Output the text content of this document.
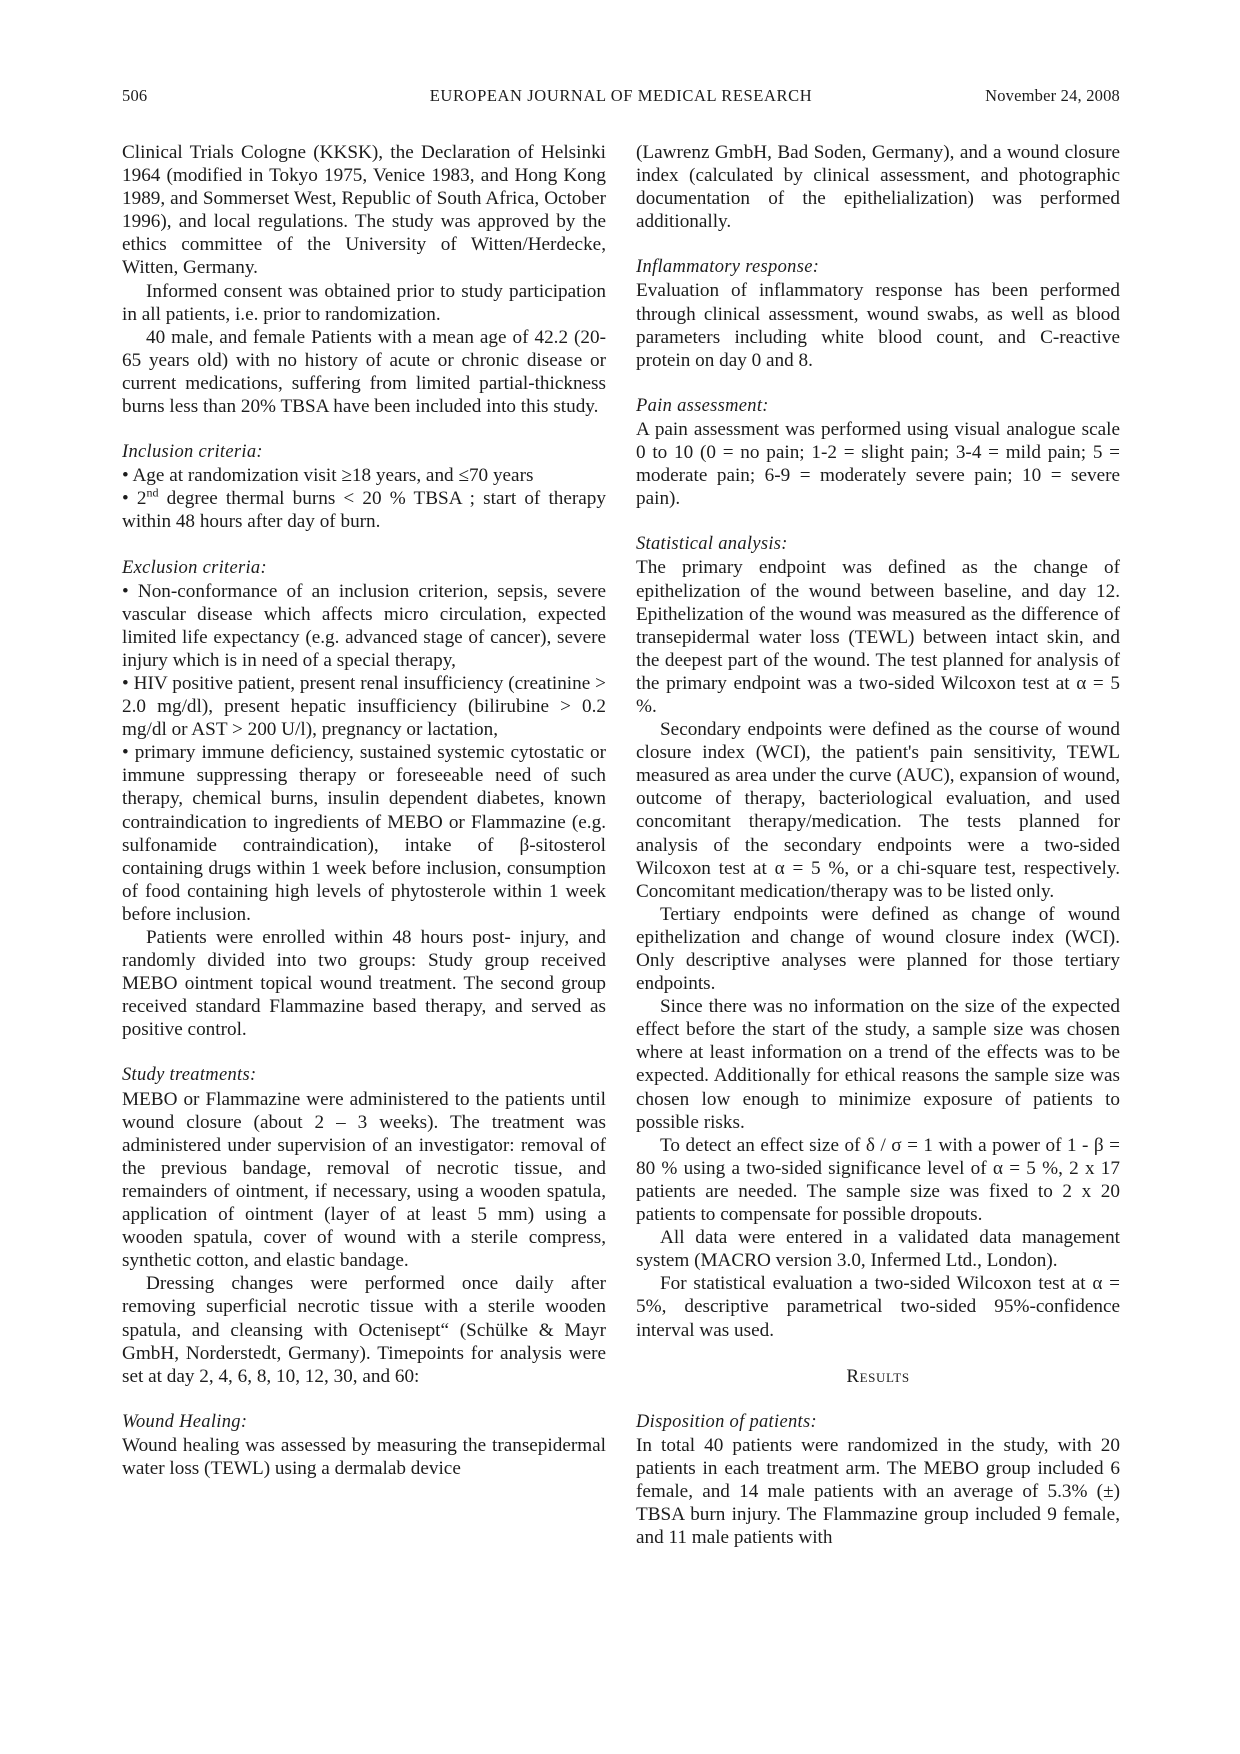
506	EUROPEAN JOURNAL OF MEDICAL RESEARCH	November 24, 2008

Clinical Trials Cologne (KKSK), the Declaration of Helsinki 1964 (modified in Tokyo 1975, Venice 1983, and Hong Kong 1989, and Sommerset West, Republic of South Africa, October 1996), and local regulations. The study was approved by the ethics committee of the University of Witten/Herdecke, Witten, Germany.

Informed consent was obtained prior to study participation in all patients, i.e. prior to randomization.

40 male, and female Patients with a mean age of 42.2 (20-65 years old) with no history of acute or chronic disease or current medications, suffering from limited partial-thickness burns less than 20% TBSA have been included into this study.

Inclusion criteria:

• Age at randomization visit ≥18 years, and ≤70 years

• 2nd degree thermal burns < 20 % TBSA ; start of therapy within 48 hours after day of burn.

Exclusion criteria:

• Non-conformance of an inclusion criterion, sepsis, severe vascular disease which affects micro circulation, expected limited life expectancy (e.g. advanced stage of cancer), severe injury which is in need of a special therapy,

• HIV positive patient, present renal insufficiency (creatinine > 2.0 mg/dl), present hepatic insufficiency (bilirubine > 0.2 mg/dl or AST > 200 U/l), pregnancy or lactation,

• primary immune deficiency, sustained systemic cytostatic or immune suppressing therapy or foreseeable need of such therapy, chemical burns, insulin dependent diabetes, known contraindication to ingredients of MEBO or Flammazine (e.g. sulfonamide contraindication), intake of β-sitosterol containing drugs within 1 week before inclusion, consumption of food containing high levels of phytosterole within 1 week before inclusion.

Patients were enrolled within 48 hours post- injury, and randomly divided into two groups: Study group received MEBO ointment topical wound treatment. The second group received standard Flammazine based therapy, and served as positive control.

Study treatments:

MEBO or Flammazine were administered to the patients until wound closure (about 2 – 3 weeks). The treatment was administered under supervision of an investigator: removal of the previous bandage, removal of necrotic tissue, and remainders of ointment, if necessary, using a wooden spatula, application of ointment (layer of at least 5 mm) using a wooden spatula, cover of wound with a sterile compress, synthetic cotton, and elastic bandage.

Dressing changes were performed once daily after removing superficial necrotic tissue with a sterile wooden spatula, and cleansing with Octenisept“ (Schülke & Mayr GmbH, Norderstedt, Germany). Timepoints for analysis were set at day 2, 4, 6, 8, 10, 12, 30, and 60:

Wound Healing:

Wound healing was assessed by measuring the transepidermal water loss (TEWL) using a dermalab device

(Lawrenz GmbH, Bad Soden, Germany), and a wound closure index (calculated by clinical assessment, and photographic documentation of the epithelialization) was performed additionally.

Inflammatory response:

Evaluation of inflammatory response has been performed through clinical assessment, wound swabs, as well as blood parameters including white blood count, and C-reactive protein on day 0 and 8.

Pain assessment:

A pain assessment was performed using visual analogue scale 0 to 10 (0 = no pain; 1-2 = slight pain; 3-4 = mild pain; 5 = moderate pain; 6-9 = moderately severe pain; 10 = severe pain).

Statistical analysis:

The primary endpoint was defined as the change of epithelization of the wound between baseline, and day 12. Epithelization of the wound was measured as the difference of transepidermal water loss (TEWL) between intact skin, and the deepest part of the wound. The test planned for analysis of the primary endpoint was a two-sided Wilcoxon test at α = 5 %.

Secondary endpoints were defined as the course of wound closure index (WCI), the patient's pain sensitivity, TEWL measured as area under the curve (AUC), expansion of wound, outcome of therapy, bacteriological evaluation, and used concomitant therapy/medication. The tests planned for analysis of the secondary endpoints were a two-sided Wilcoxon test at α = 5 %, or a chi-square test, respectively. Concomitant medication/therapy was to be listed only.

Tertiary endpoints were defined as change of wound epithelization and change of wound closure index (WCI). Only descriptive analyses were planned for those tertiary endpoints.

Since there was no information on the size of the expected effect before the start of the study, a sample size was chosen where at least information on a trend of the effects was to be expected. Additionally for ethical reasons the sample size was chosen low enough to minimize exposure of patients to possible risks.

To detect an effect size of δ / σ = 1 with a power of 1 - β = 80 % using a two-sided significance level of α = 5 %, 2 x 17 patients are needed. The sample size was fixed to 2 x 20 patients to compensate for possible dropouts.

All data were entered in a validated data management system (MACRO version 3.0, Infermed Ltd., London).

For statistical evaluation a two-sided Wilcoxon test at α = 5%, descriptive parametrical two-sided 95%-confidence interval was used.

Results
Disposition of patients:

In total 40 patients were randomized in the study, with 20 patients in each treatment arm. The MEBO group included 6 female, and 14 male patients with an average of 5.3% (±) TBSA burn injury. The Flammazine group included 9 female, and 11 male patients with
